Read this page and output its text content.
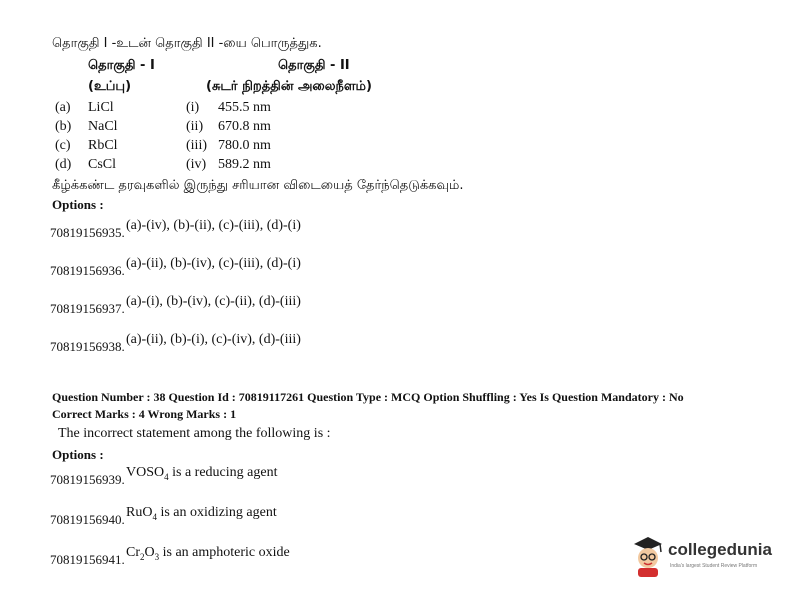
தொகுதி I -உடன் தொகுதி II -யை பொருத்துக.
தொகுதி - I	தொகுதி - II
(உப்பு)	(சுடர் நிறத்தின் அலைநீளம்)
(a) LiCl	(i) 455.5 nm
(b) NaCl	(ii) 670.8 nm
(c) RbCl	(iii) 780.0 nm
(d) CsCl	(iv) 589.2 nm
கீழ்க்கண்ட தரவுகளில் இருந்து சரியான விடையைத் தேர்ந்தெடுக்கவும்.
Options :
70819156935. (a)-(iv), (b)-(ii), (c)-(iii), (d)-(i)
70819156936. (a)-(ii), (b)-(iv), (c)-(iii), (d)-(i)
70819156937. (a)-(i), (b)-(iv), (c)-(ii), (d)-(iii)
70819156938. (a)-(ii), (b)-(i), (c)-(iv), (d)-(iii)
Question Number : 38 Question Id : 70819117261 Question Type : MCQ Option Shuffling : Yes Is Question Mandatory : No
Correct Marks : 4 Wrong Marks : 1
The incorrect statement among the following is :
Options :
70819156939. $VOSO_4$ is a reducing agent
70819156940. RuO$_4$ is an oxidizing agent
70819156941. $Cr_2O_3$ is an amphoteric oxide	collegedunia
India's largest Student Review Platform
